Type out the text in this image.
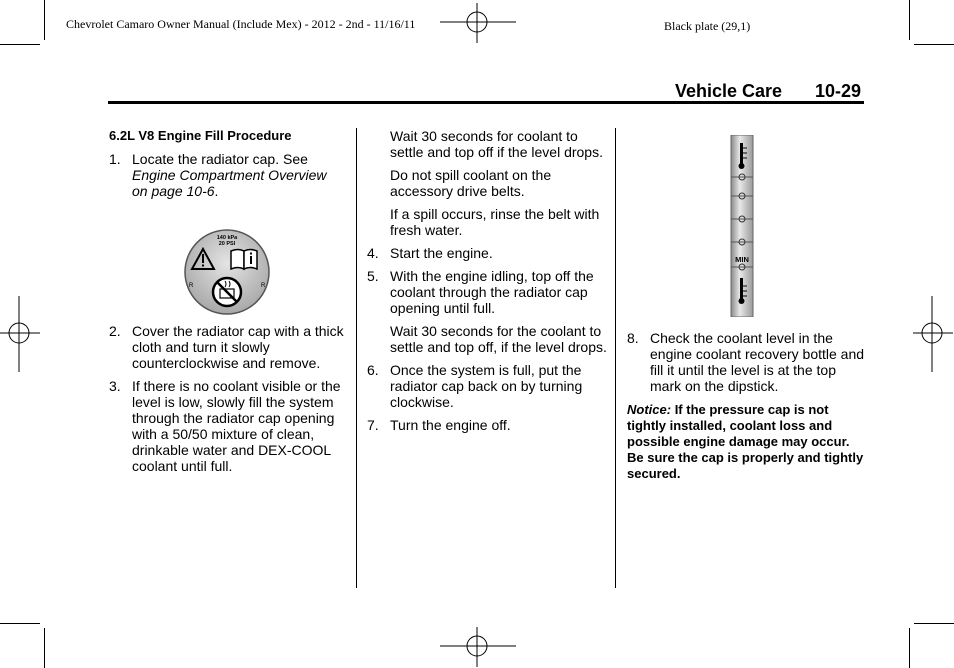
Chevrolet Camaro Owner Manual (Include Mex) - 2012 - 2nd - 11/16/11	Black plate (29,1)
Vehicle Care 10-29

6.2L V8 Engine Fill Procedure

1. Locate the radiator cap. See Engine Compartment Overview on page 10-6.
140 kPa
20 PSI
R	R
2. Cover the radiator cap with a thick cloth and turn it slowly counterclockwise and remove.
3. If there is no coolant visible or the level is low, slowly fill the system through the radiator cap opening with a 50/50 mixture of clean, drinkable water and DEX-COOL coolant until full.

Wait 30 seconds for coolant to settle and top off if the level drops.

Do not spill coolant on the accessory drive belts.

If a spill occurs, rinse the belt with fresh water.

4. Start the engine.
5. With the engine idling, top off the coolant through the radiator cap opening until full.

Wait 30 seconds for the coolant to settle and top off, if the level drops.

6. Once the system is full, put the radiator cap back on by turning clockwise.
7. Turn the engine off.
MIN
8. Check the coolant level in the engine coolant recovery bottle and fill it until the level is at the top mark on the dipstick.

Notice: If the pressure cap is not tightly installed, coolant loss and possible engine damage may occur. Be sure the cap is properly and tightly secured.
